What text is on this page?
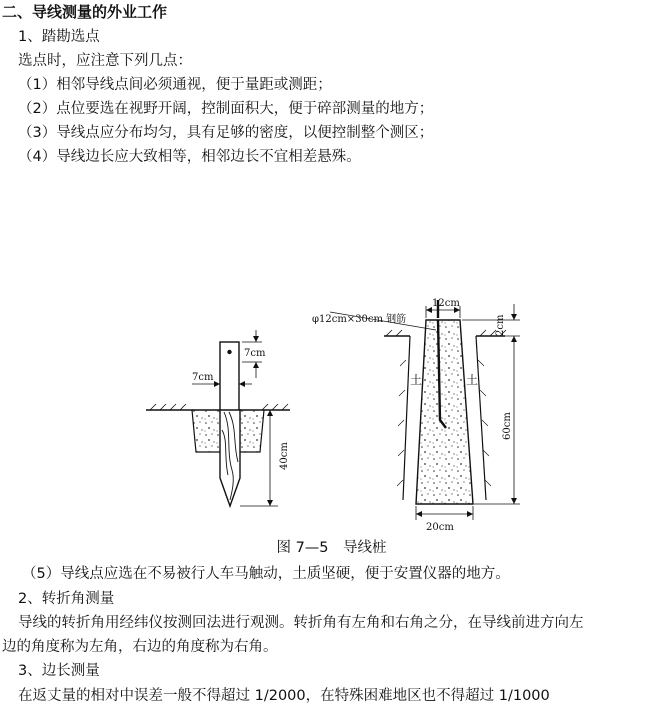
二、导线测量的外业工作
1、踏勘选点
选点时，应注意下列几点：
（1）相邻导线点间必须通视，便于量距或测距；
（2）点位要选在视野开阔，控制面积大，便于碎部测量的地方；
（3）导线点应分布均匀，具有足够的密度，以便控制整个测区；
（4）导线边长应大致相等，相邻边长不宜相差悬殊。
7cm
7cm
40cm
φ12cm×30cm 钢筋
12cm
2cm
60cm
20cm
土	土
图 7—5　导线桩
（5）导线点应选在不易被行人车马触动，土质坚硬，便于安置仪器的地方。
2、转折角测量
导线的转折角用经纬仪按测回法进行观测。转折角有左角和右角之分，在导线前进方向左
边的角度称为左角，右边的角度称为右角。
3、边长测量
在返丈量的相对中误差一般不得超过 1/2000，在特殊困难地区也不得超过 1/1000
